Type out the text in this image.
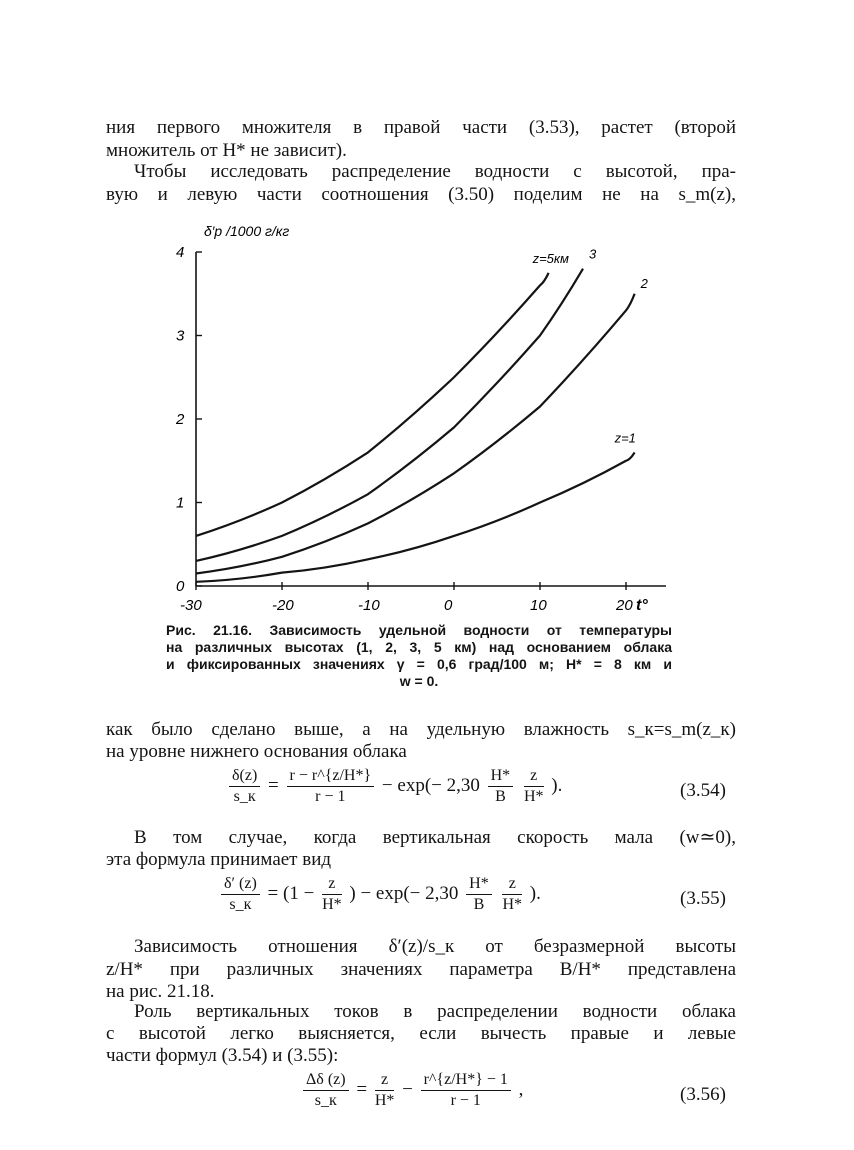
ния первого множителя в правой части (3.53), растет (второй
множитель от H* не зависит).
Чтобы исследовать распределение водности с высотой, пра-
вую и левую части соотношения (3.50) поделим не на s_m(z),
-30	-20	-10	0	10	20
0
1
2
3
4
z=1
2
3
z=5км
δ′p /1000 г/кг
t°
Рис. 21.16. Зависимость удельной водности от температуры
на различных высотах (1, 2, 3, 5 км) над основанием облака
и фиксированных значениях γ = 0,6 град/100 м; H* = 8 км и
w = 0.
как было сделано выше, а на удельную влажность s_к=s_m(z_к)
на уровне нижнего основания облака
$\frac{\delta(z)}{s\_к} = \frac{r - r\^{}\{z/H*\}}{r - 1} - \exp(- 2,30 \frac{H*}{B}$
$\frac{z}{H*}$ ).	(3.54)
В том случае, когда вертикальная скорость мала (w≃0),
эта формула принимает вид
$\frac{\delta' (z)}{s\_к} = (1 - \frac{z}{H*}$ ) − $\exp(- 2,30 \frac{H*}{B}$
$\frac{z}{H*}$ ).	(3.55)
Зависимость отношения δ′(z)/s_к от безразмерной высоты
z/H* при различных значениях параметра B/H* представлена
на рис. 21.18.
Роль вертикальных токов в распределении водности облака
с высотой легко выясняется, если вычесть правые и левые
части формул (3.54) и (3.55):
$\frac{\Delta\delta (z)}{s\_к} = \frac{z}{H*} - \frac{r\^{}\{z/H*\} - 1}{r - 1}$ ,	(3.56)
